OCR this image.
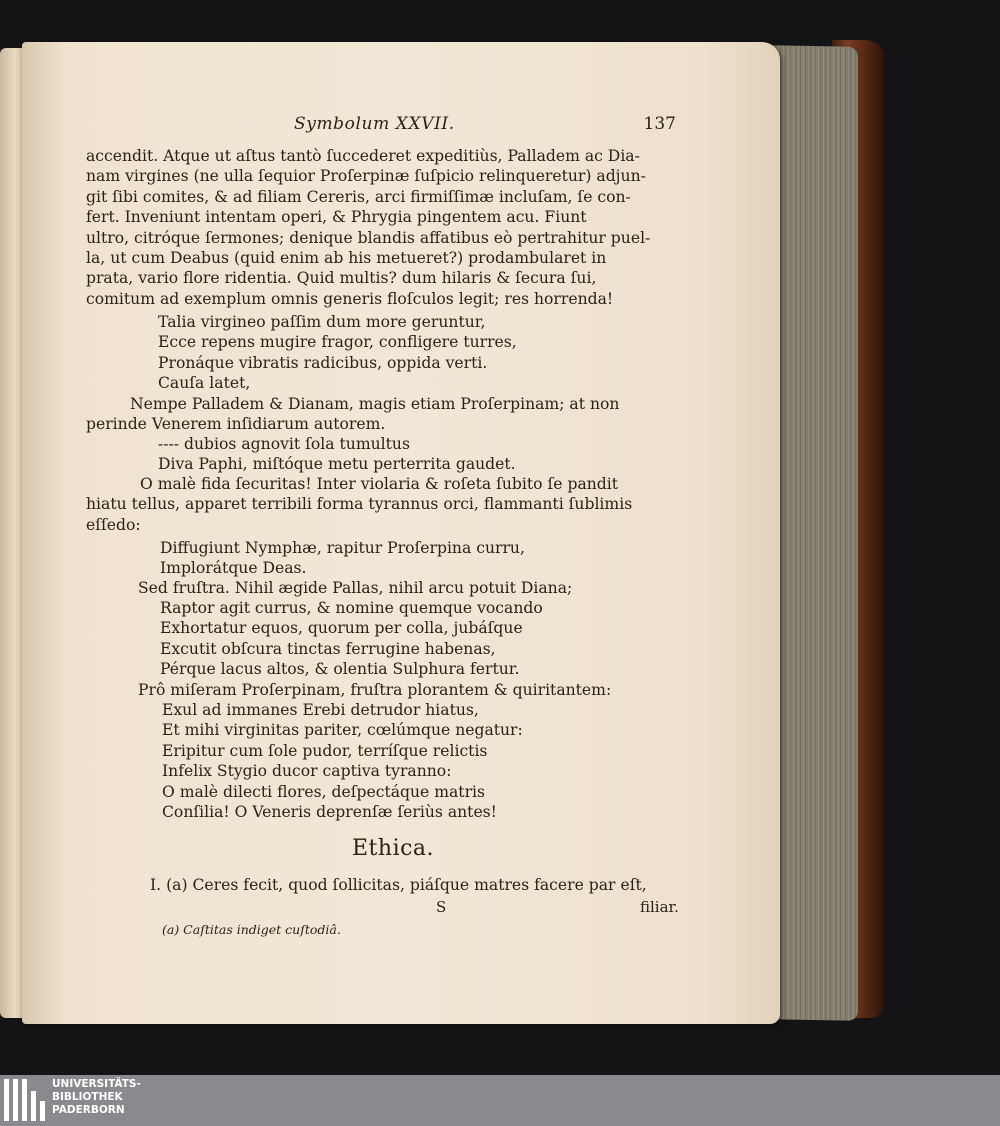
Symbolum XXVII.	137

accendit. Atque ut aſtus tantò ſuccederet expeditiùs, Palladem ac Dia-

nam virgines (ne ulla ſequior Proſerpinæ ſuſpicio relinqueretur) adjun-

git ſibi comites, & ad filiam Cereris, arci firmiſſimæ incluſam, ſe con-

fert. Inveniunt intentam operi, & Phrygia pingentem acu. Fiunt

ultro, citróque ſermones; denique blandis affatibus eò pertrahitur puel-

la, ut cum Deabus (quid enim ab his metueret?) prodambularet in

prata, vario flore ridentia. Quid multis? dum hilaris & ſecura ſui,

comitum ad exemplum omnis generis floſculos legit; res horrenda!

Talia virgineo paſſim dum more geruntur,
Ecce repens mugire fragor, confligere turres,
Pronáque vibratis radicibus, oppida verti.
Cauſa latet,

Nempe Palladem & Dianam, magis etiam Proſerpinam; at non

perinde Venerem inſidiarum autorem.

---- dubios agnovit ſola tumultus
Diva Paphi, miſtóque metu perterrita gaudet.

O malè fida ſecuritas! Inter violaria & roſeta ſubito ſe pandit

hiatu tellus, apparet terribili forma tyrannus orci, flammanti ſublimis

eſſedo:

Diffugiunt Nymphæ, rapitur Proſerpina curru,
Implorátque Deas.
Sed fruſtra. Nihil ægide Pallas, nihil arcu potuit Diana;
Raptor agit currus, & nomine quemque vocando
Exhortatur equos, quorum per colla, jubáſque
Excutit obſcura tinctas ferrugine habenas,
Pérque lacus altos, & olentia Sulphura fertur.
Prô miſeram Proſerpinam, fruſtra plorantem & quiritantem:
Exul ad immanes Erebi detrudor hiatus,
Et mihi virginitas pariter, cœlúmque negatur:
Eripitur cum ſole pudor, terríſque relictis
Infelix Stygio ducor captiva tyranno:
O malè dilecti flores, deſpectáque matris
Conſilia! O Veneris deprenſæ ſeriùs antes!
Ethica.
I. (a) Ceres fecit, quod ſollicitas, piáſque matres facere par eſt,
S	filiar.
(a) Caſtitas indiget cuſtodiâ.
UNIVERSITÄTS-
BIBLIOTHEK
PADERBORN
